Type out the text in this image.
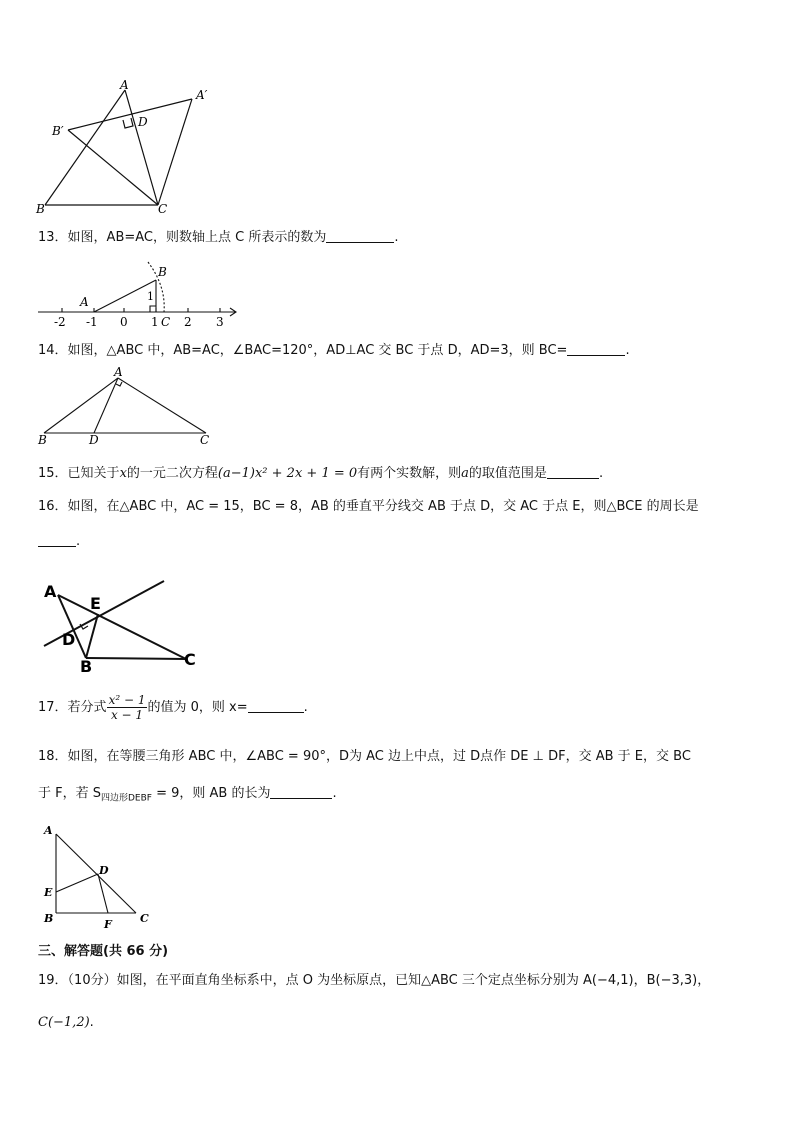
A
A′
B′
D
B	C
13．如图，AB=AC，则数轴上点 C 所表示的数为	.
A
B
1
C
-2 -1 0 1 2 3
14．如图，△ABC 中，AB=AC，∠BAC=120°，AD⊥AC 交 BC 于点 D，AD=3，则 BC=	.
A
B	D	C
15．已知关于x的一元二次方程(a−1)x² + 2x + 1 = 0有两个实数解，则a的取值范围是	.
16．如图，在△ABC 中，AC = 15，BC = 8，AB 的垂直平分线交 AB 于点 D，交 AC 于点 E，则△BCE 的周长是
.
A
E
D
B	C
17．若分式 $\frac{\text{x² − 1}}{x - 1}$ 的值为 0，则 x=	.
18．如图，在等腰三角形 ABC 中，∠ABC = 90°，D为 AC 边上中点，过 D点作 DE ⊥ DF，交 AB 于 E，交 BC
于 F，若 $S_{四边形DEBF} = 9$，则 AB 的长为	.
A
D
E
B	F	C
三、解答题(共 66 分)
19．（10分）如图，在平面直角坐标系中，点 O 为坐标原点，已知△ABC 三个定点坐标分别为 A(−4,1)，B(−3,3)，
C(−1,2).
